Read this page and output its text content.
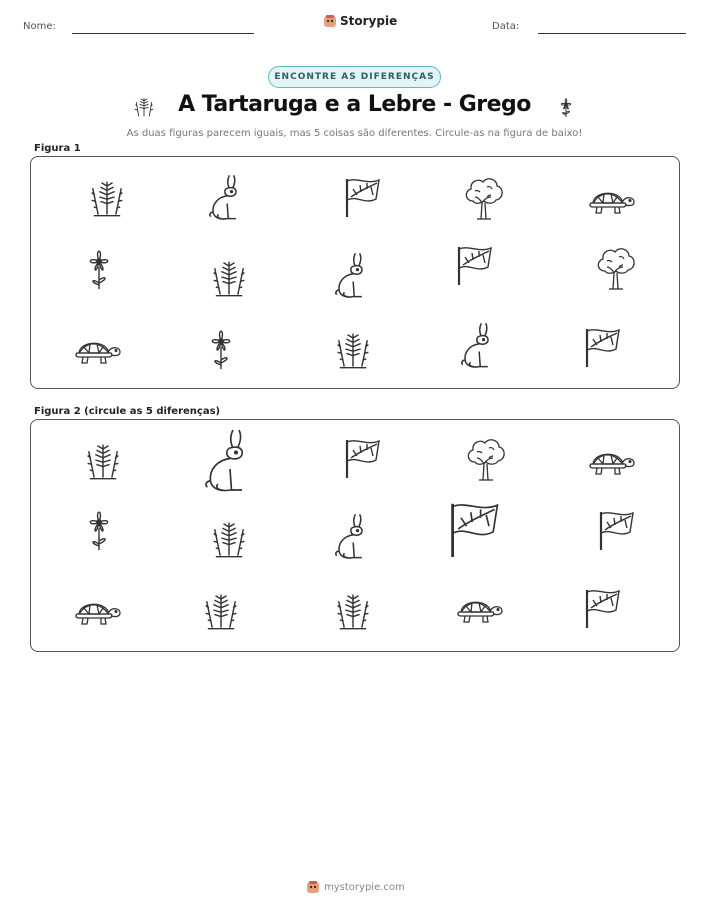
Nome:	Storypie	Data:
ENCONTRE AS DIFERENÇAS
A Tartaruga e a Lebre - Grego
As duas figuras parecem iguais, mas 5 coisas são diferentes. Circule-as na figura de baixo!
Figura 1
Figura 2 (circule as 5 diferenças)
mystorypie.com
